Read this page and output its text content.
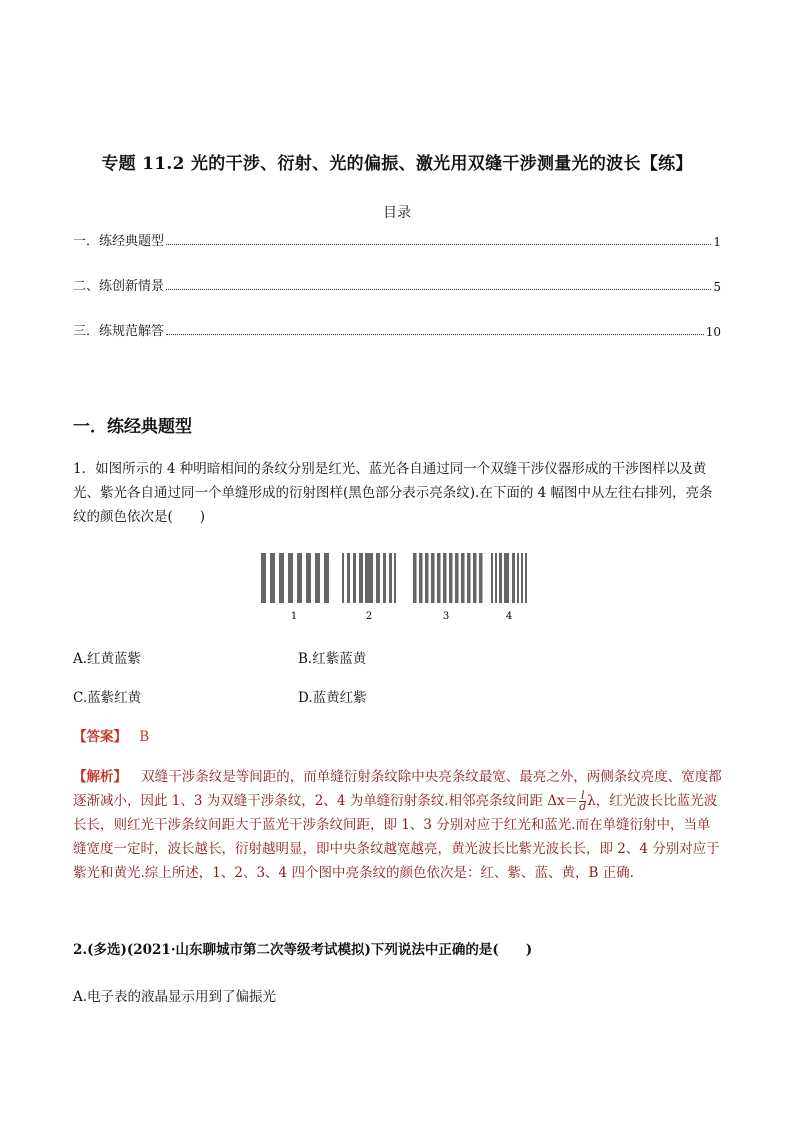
专题 11.2 光的干涉、衍射、光的偏振、激光用双缝干涉测量光的波长【练】
目录
一．练经典题型	1
二、练创新情景	5
三．练规范解答	10
一．练经典题型
1．如图所示的 4 种明暗相间的条纹分别是红光、蓝光各自通过同一个双缝干涉仪器形成的干涉图样以及黄光、紫光各自通过同一个单缝形成的衍射图样(黑色部分表示亮条纹).在下面的 4 幅图中从左往右排列，亮条纹的颜色依次是(　　)
1	2	3	4
A.红黄蓝紫	B.红紫蓝黄
C.蓝紫红黄	D.蓝黄红紫
【答案】 B
【解析】 双缝干涉条纹是等间距的，而单缝衍射条纹除中央亮条纹最宽、最亮之外，两侧条纹亮度、宽度都逐渐减小，因此 1、3 为双缝干涉条纹，2、4 为单缝衍射条纹.相邻亮条纹间距 $\Delta x= \frac{l}{d}$ λ，红光波长比蓝光波长长，则红光干涉条纹间距大于蓝光干涉条纹间距，即 1、3 分别对应于红光和蓝光.而在单缝衍射中，当单缝宽度一定时，波长越长，衍射越明显，即中央条纹越宽越亮，黄光波长比紫光波长长，即 2、4 分别对应于紫光和黄光.综上所述，1、2、3、4 四个图中亮条纹的颜色依次是：红、紫、蓝、黄，B 正确.
2.(多选)(2021·山东聊城市第二次等级考试模拟)下列说法中正确的是(　　)
A.电子表的液晶显示用到了偏振光
